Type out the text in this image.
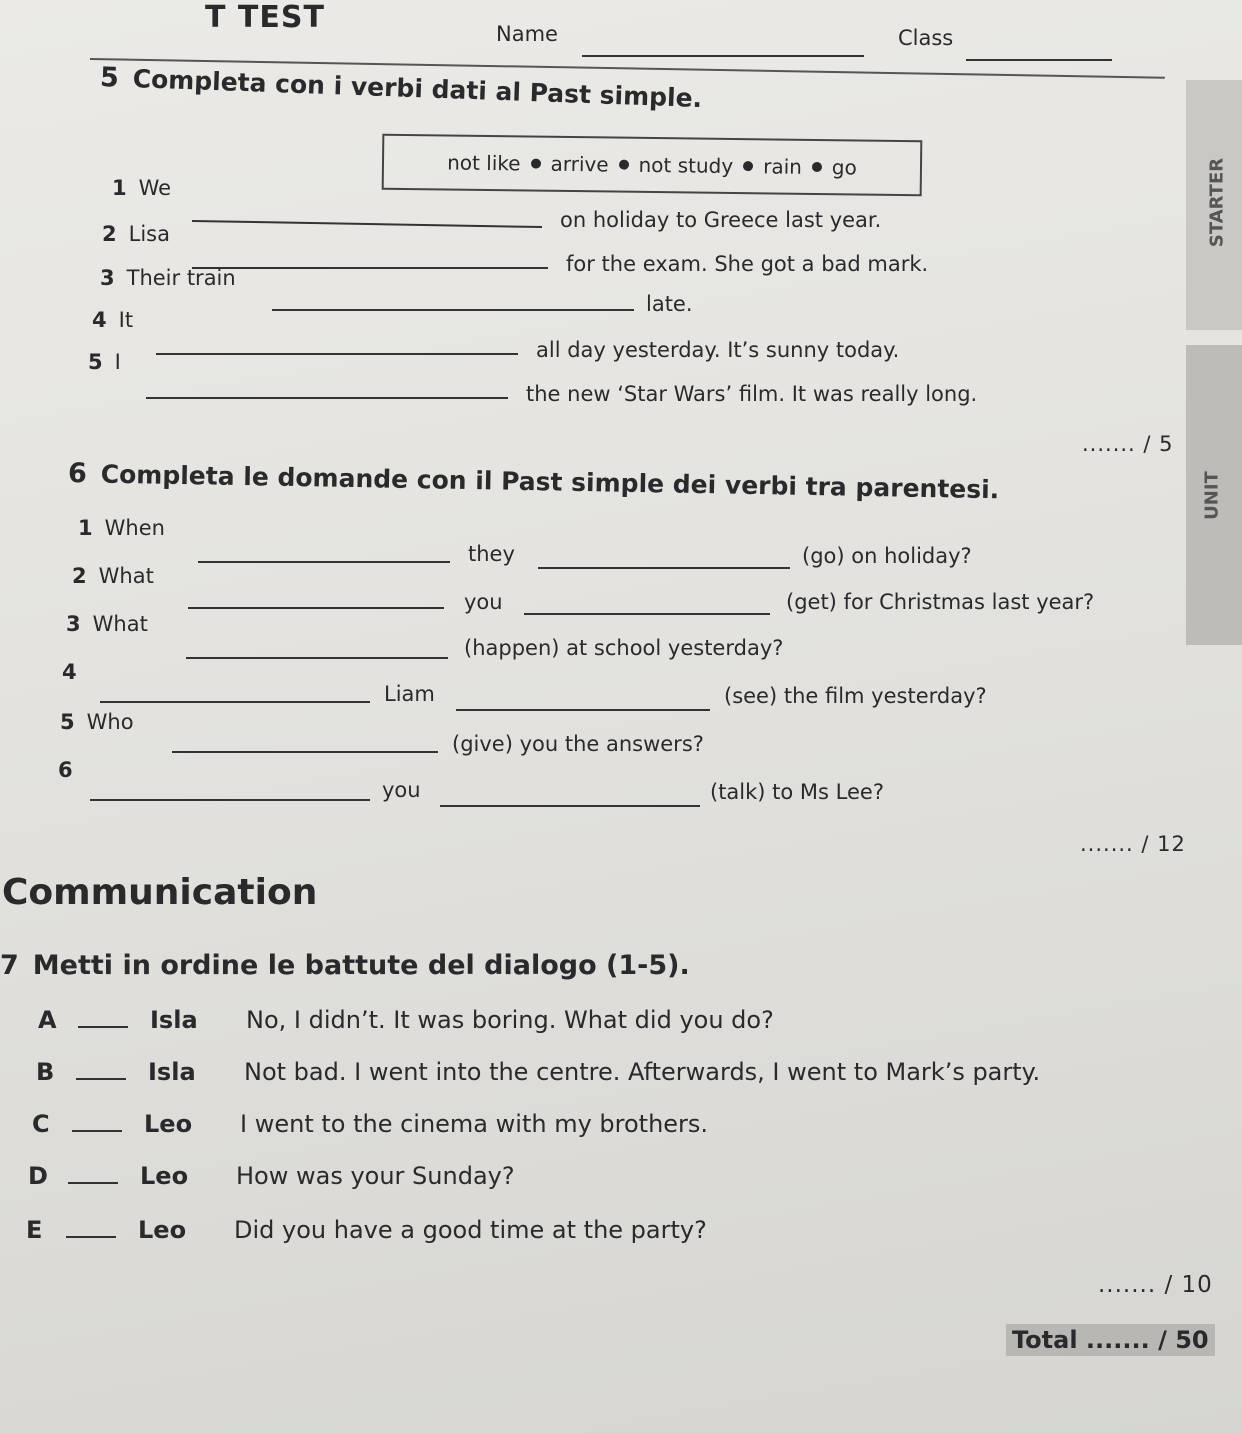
T TEST	Name	Class
5 Completa con i verbi dati al Past simple.
not like arrive not study rain go
1 We
on holiday to Greece last year.
2 Lisa
for the exam. She got a bad mark.
3 Their train
late.
4 It
all day yesterday. It’s sunny today.
5 I
the new ‘Star Wars’ film. It was really long.
....... / 5
6 Completa le domande con il Past simple dei verbi tra parentesi.
1 When
they	(go) on holiday?
2 What
you	(get) for Christmas last year?
3 What
(happen) at school yesterday?
4
Liam	(see) the film yesterday?
5 Who
(give) you the answers?
6
you	(talk) to Ms Lee?
....... / 12
Communication
7 Metti in ordine le battute del dialogo (1-5).
A	Isla No, I didn’t. It was boring. What did you do?
B	Isla Not bad. I went into the centre. Afterwards, I went to Mark’s party.
C	Leo I went to the cinema with my brothers.
D	Leo How was your Sunday?
E	Leo Did you have a good time at the party?
....... / 10
Total ....... / 50
STARTER
UNIT
